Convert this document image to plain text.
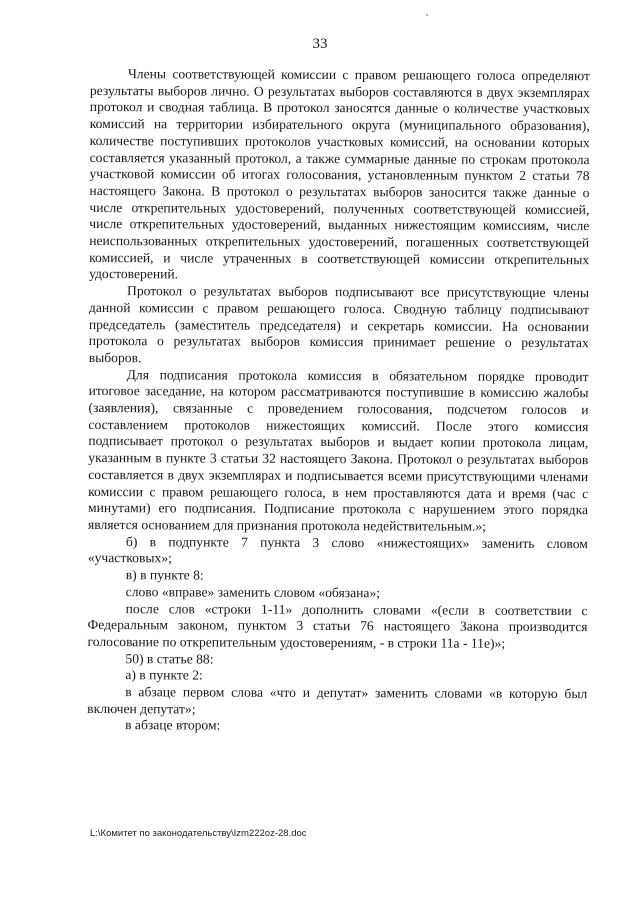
33

Члены соответствующей комиссии с правом решающего голоса определяют результаты выборов лично. О результатах выборов составляются в двух экземплярах протокол и сводная таблица. В протокол заносятся данные о количестве участковых комиссий на территории избирательного округа (муниципального образования), количестве поступивших протоколов участковых комиссий, на основании которых составляется указанный протокол, а также суммарные данные по строкам протокола участковой комиссии об итогах голосования, установленным пунктом 2 статьи 78 настоящего Закона. В протокол о результатах выборов заносится также данные о числе открепительных удостоверений, полученных соответствующей комиссией, числе открепительных удостоверений, выданных нижестоящим комиссиям, числе неиспользованных открепительных удостоверений, погашенных соответствующей комиссией, и числе утраченных в соответствующей комиссии открепительных удостоверений.

Протокол о результатах выборов подписывают все присутствующие члены данной комиссии с правом решающего голоса. Сводную таблицу подписывают председатель (заместитель председателя) и секретарь комиссии. На основании протокола о результатах выборов комиссия принимает решение о результатах выборов.

Для подписания протокола комиссия в обязательном порядке проводит итоговое заседание, на котором рассматриваются поступившие в комиссию жалобы (заявления), связанные с проведением голосования, подсчетом голосов и составлением протоколов нижестоящих комиссий. После этого комиссия подписывает протокол о результатах выборов и выдает копии протокола лицам, указанным в пункте 3 статьи 32 настоящего Закона. Протокол о результатах выборов составляется в двух экземплярах и подписывается всеми присутствующими членами комиссии с правом решающего голоса, в нем проставляются дата и время (час с минутами) его подписания. Подписание протокола с нарушением этого порядка является основанием для признания протокола недействительным.»;

б) в подпункте 7 пункта 3 слово «нижестоящих» заменить словом «участковых»;

в) в пункте 8:

слово «вправе» заменить словом «обязана»;

после слов «строки 1-11» дополнить словами «(если в соответствии с Федеральным законом, пунктом 3 статьи 76 настоящего Закона производится голосование по открепительным удостоверениям, - в строки 11а - 11е)»;

50) в статье 88:

а) в пункте 2:

в абзаце первом слова «что и депутат» заменить словами «в которую был включен депутат»;

в абзаце втором:

L:\Комитет по законодательству\Izm222oz-28.doc
